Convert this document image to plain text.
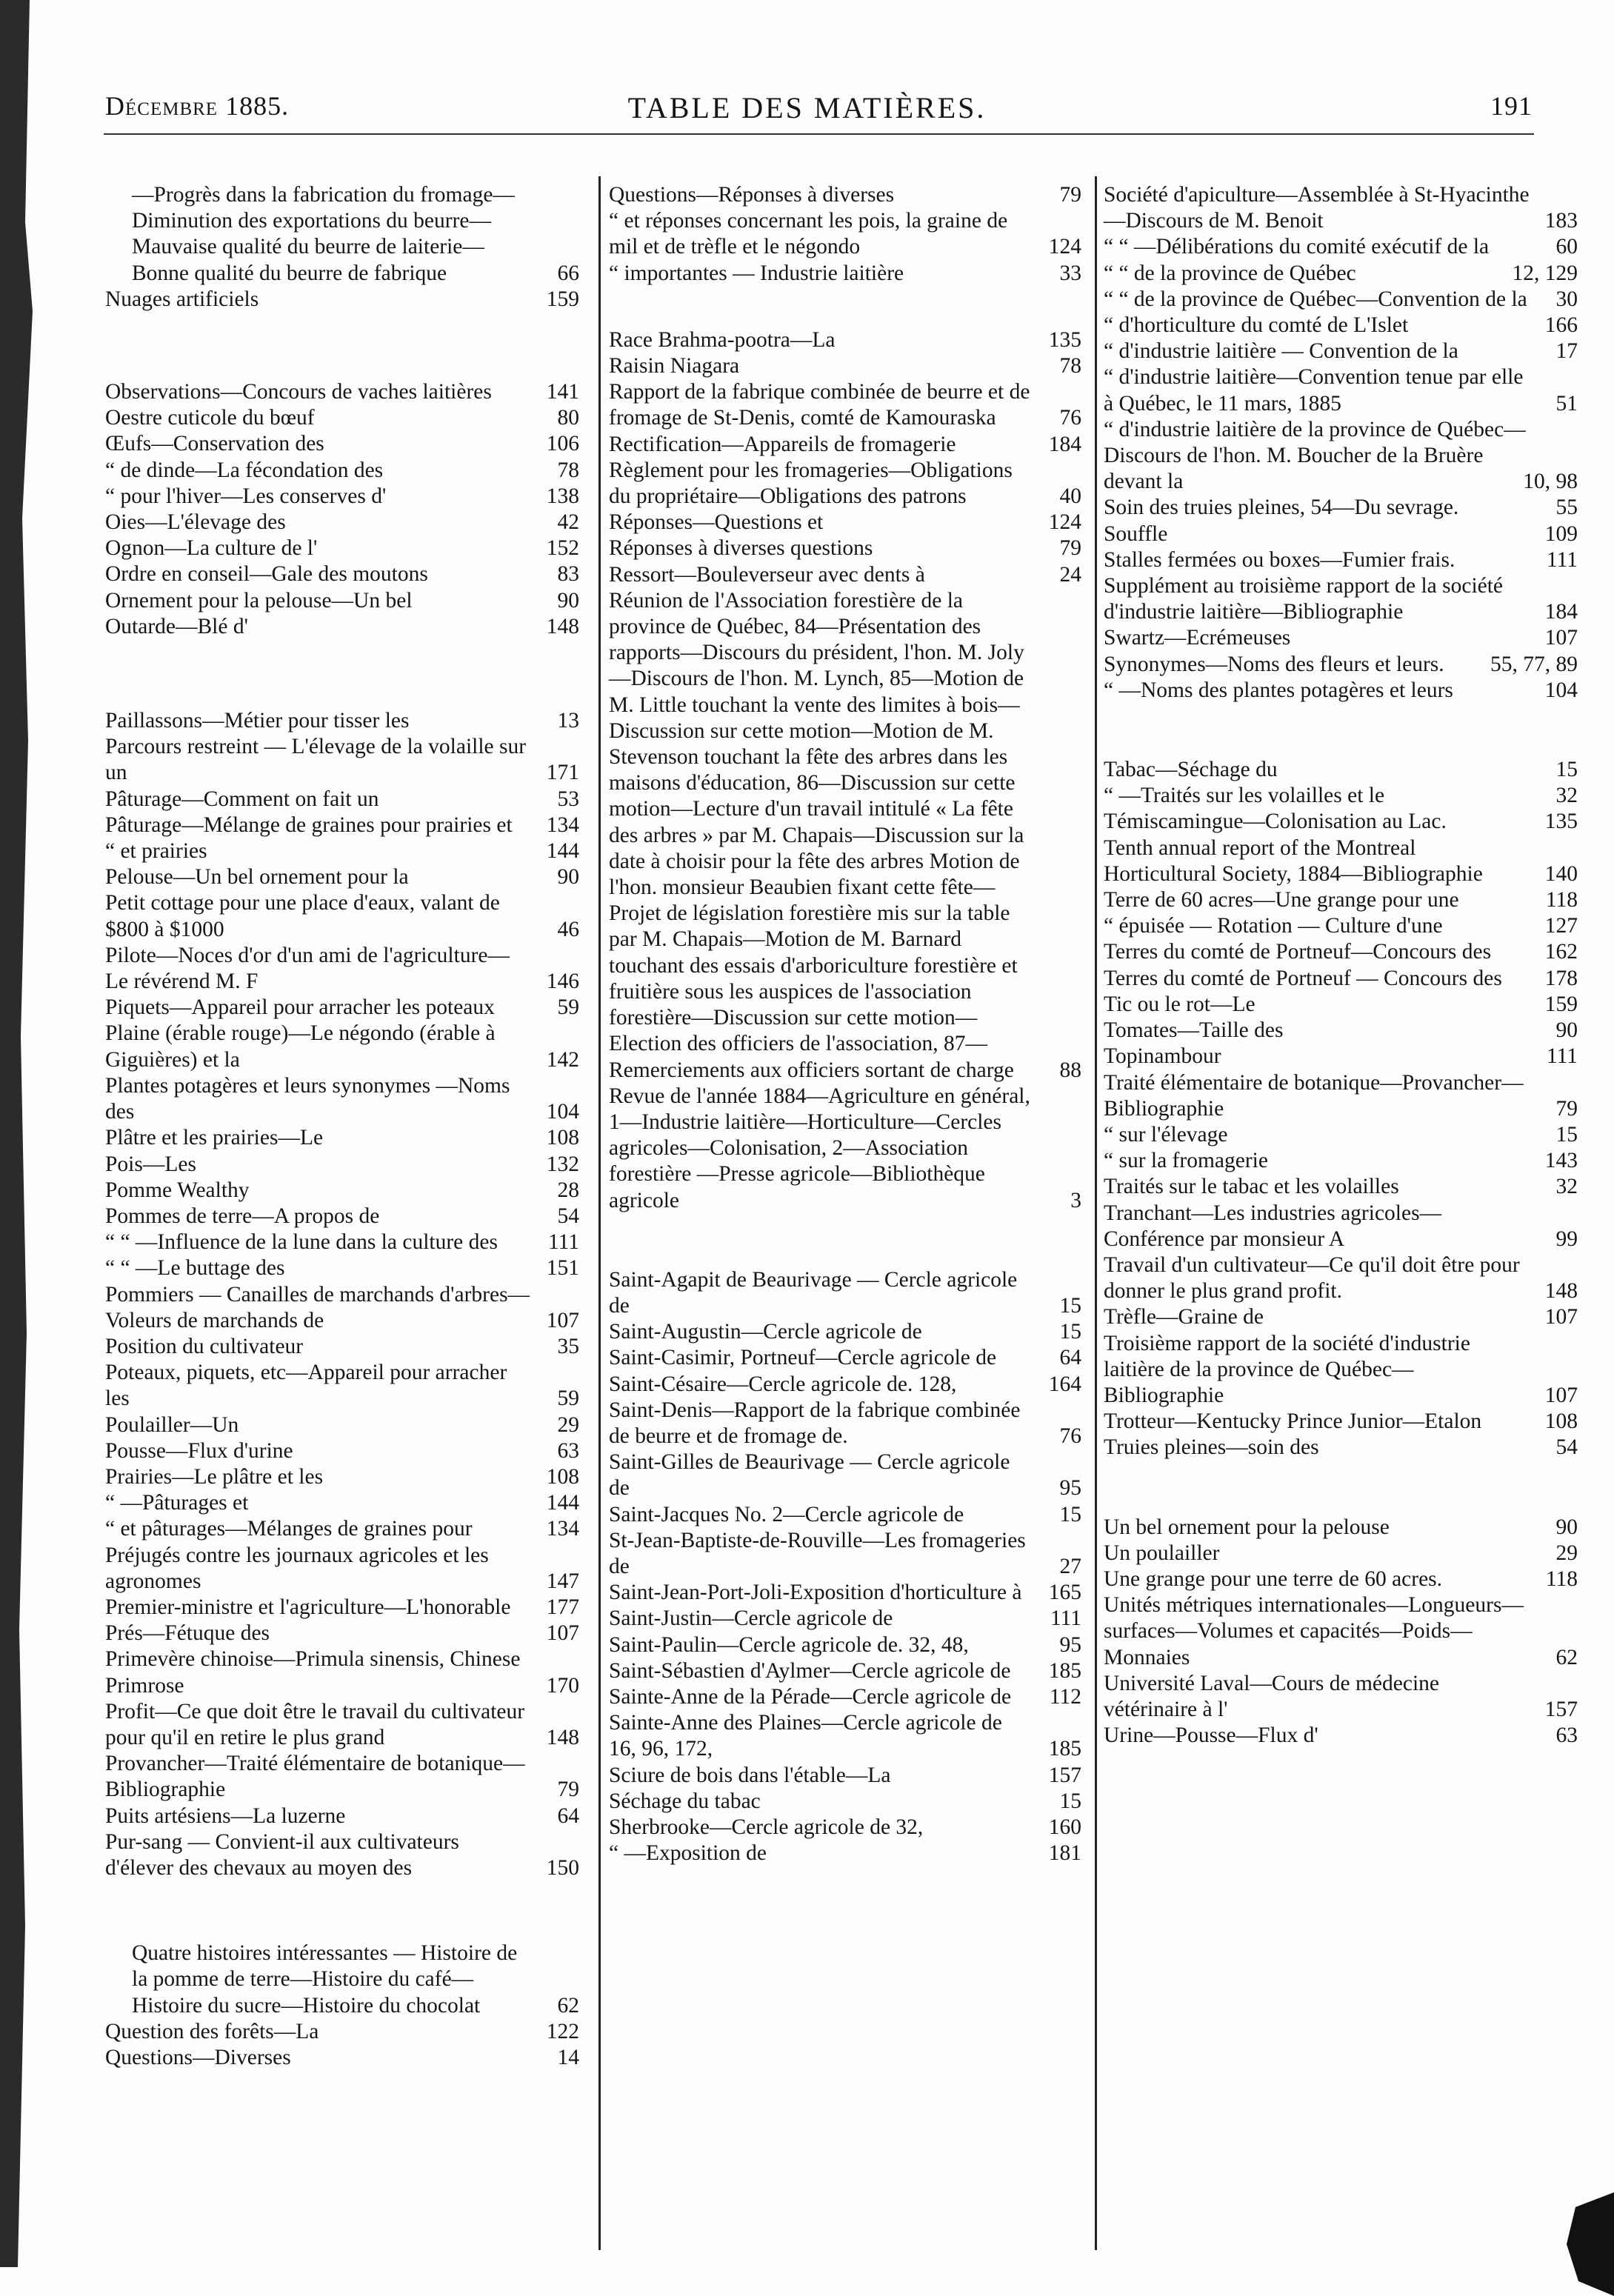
Décembre 1885.	TABLE DES MATIÈRES.	191
—Progrès dans la fabrication du fromage—Diminution des exportations du beurre—Mauvaise qualité du beurre de laiterie—Bonne qualité du beurre de fabrique	66
Nuages artificiels	159
Observations—Concours de vaches laitières	141
Oestre cuticole du bœuf	80
Œufs—Conservation des	106
“ de dinde—La fécondation des	78
“ pour l'hiver—Les conserves d'	138
Oies—L'élevage des	42
Ognon—La culture de l'	152
Ordre en conseil—Gale des moutons	83
Ornement pour la pelouse—Un bel	90
Outarde—Blé d'	148
Paillassons—Métier pour tisser les	13
Parcours restreint — L'élevage de la volaille sur un	171
Pâturage—Comment on fait un	53
Pâturage—Mélange de graines pour prairies et 134
“ et prairies	144
Pelouse—Un bel ornement pour la	90
Petit cottage pour une place d'eaux, valant de $800 à $1000	46
Pilote—Noces d'or d'un ami de l'agriculture—Le révérend M. F	146
Piquets—Appareil pour arracher les poteaux	59
Plaine (érable rouge)—Le négondo (érable à Giguières) et la	142
Plantes potagères et leurs synonymes —Noms des	104
Plâtre et les prairies—Le	108
Pois—Les	132
Pomme Wealthy	28
Pommes de terre—A propos de	54
“ “ —Influence de la lune dans la culture des 111
“ “ —Le buttage des	151
Pommiers — Canailles de marchands d'arbres—Voleurs de marchands de	107
Position du cultivateur	35
Poteaux, piquets, etc—Appareil pour arracher les	59
Poulailler—Un	29
Pousse—Flux d'urine	63
Prairies—Le plâtre et les	108
“ —Pâturages et	144
“ et pâturages—Mélanges de graines pour	134
Préjugés contre les journaux agricoles et les agronomes	147
Premier-ministre et l'agriculture—L'honorable 177
Prés—Fétuque des	107
Primevère chinoise—Primula sinensis, Chinese Primrose	170
Profit—Ce que doit être le travail du cultivateur pour qu'il en retire le plus grand	148
Provancher—Traité élémentaire de botanique—Bibliographie	79
Puits artésiens—La luzerne	64
Pur-sang — Convient-il aux cultivateurs d'élever des chevaux au moyen des	150
Quatre histoires intéressantes — Histoire de la pomme de terre—Histoire du café—Histoire du sucre—Histoire du chocolat	62
Question des forêts—La	122
Questions—Diverses	14
Questions—Réponses à diverses	79
“ et réponses concernant les pois, la graine de mil et de trèfle et le négondo	124
“ importantes — Industrie laitière	33
Race Brahma-pootra—La	135
Raisin Niagara	78
Rapport de la fabrique combinée de beurre et de fromage de St-Denis, comté de Kamouraska	76
Rectification—Appareils de fromagerie	184
Règlement pour les fromageries—Obligations du propriétaire—Obligations des patrons	40
Réponses—Questions et	124
Réponses à diverses questions	79
Ressort—Bouleverseur avec dents à	24
Réunion de l'Association forestière de la province de Québec, 84—Présentation des rapports—Discours du président, l'hon. M. Joly—Discours de l'hon. M. Lynch, 85—Motion de M. Little touchant la vente des limites à bois—Discussion sur cette motion—Motion de M. Stevenson touchant la fête des arbres dans les maisons d'éducation, 86—Discussion sur cette motion—Lecture d'un travail intitulé « La fête des arbres » par M. Chapais—Discussion sur la date à choisir pour la fête des arbres Motion de l'hon. monsieur Beaubien fixant cette fête—Projet de législation forestière mis sur la table par M. Chapais—Motion de M. Barnard touchant des essais d'arboriculture forestière et fruitière sous les auspices de l'association forestière—Discussion sur cette motion—Election des officiers de l'association, 87—Remerciements aux officiers sortant de charge 88
Revue de l'année 1884—Agriculture en général, 1—Industrie laitière—Horticulture—Cercles agricoles—Colonisation, 2—Association forestière —Presse agricole—Bibliothèque agricole	3
Saint-Agapit de Beaurivage — Cercle agricole de	15
Saint-Augustin—Cercle agricole de	15
Saint-Casimir, Portneuf—Cercle agricole de	64
Saint-Césaire—Cercle agricole de. 128,	164
Saint-Denis—Rapport de la fabrique combinée de beurre et de fromage de.	76
Saint-Gilles de Beaurivage — Cercle agricole de	95
Saint-Jacques No. 2—Cercle agricole de	15
St-Jean-Baptiste-de-Rouville—Les fromageries de	27
Saint-Jean-Port-Joli-Exposition d'horticulture à 165
Saint-Justin—Cercle agricole de	111
Saint-Paulin—Cercle agricole de. 32, 48,	95
Saint-Sébastien d'Aylmer—Cercle agricole de 185
Sainte-Anne de la Pérade—Cercle agricole de 112
Sainte-Anne des Plaines—Cercle agricole de 16, 96, 172,	185
Sciure de bois dans l'étable—La	157
Séchage du tabac	15
Sherbrooke—Cercle agricole de 32,	160
“ —Exposition de	181
Société d'apiculture—Assemblée à St-Hyacinthe—Discours de M. Benoit	183
“ “ —Délibérations du comité exécutif de la	60
“ “ de la province de Québec	12, 129
“ “ de la province de Québec—Convention de la 30
“ d'horticulture du comté de L'Islet	166
“ d'industrie laitière — Convention de la	17
“ d'industrie laitière—Convention tenue par elle à Québec, le 11 mars, 1885	51
“ d'industrie laitière de la province de Québec—Discours de l'hon. M. Boucher de la Bruère devant la	10, 98
Soin des truies pleines, 54—Du sevrage.	55
Souffle	109
Stalles fermées ou boxes—Fumier frais.	111
Supplément au troisième rapport de la société d'industrie laitière—Bibliographie	184
Swartz—Ecrémeuses	107
Synonymes—Noms des fleurs et leurs.	55, 77, 89
“ —Noms des plantes potagères et leurs	104
Tabac—Séchage du	15
“ —Traités sur les volailles et le	32
Témiscamingue—Colonisation au Lac.	135
Tenth annual report of the Montreal Horticultural Society, 1884—Bibliographie	140
Terre de 60 acres—Une grange pour une	118
“ épuisée — Rotation — Culture d'une	127
Terres du comté de Portneuf—Concours des 162
Terres du comté de Portneuf — Concours des 178
Tic ou le rot—Le	159
Tomates—Taille des	90
Topinambour	111
Traité élémentaire de botanique—Provancher—Bibliographie	79
“ sur l'élevage	15
“ sur la fromagerie	143
Traités sur le tabac et les volailles	32
Tranchant—Les industries agricoles—Conférence par monsieur A	99
Travail d'un cultivateur—Ce qu'il doit être pour donner le plus grand profit.	148
Trèfle—Graine de	107
Troisième rapport de la société d'industrie laitière de la province de Québec—Bibliographie	107
Trotteur—Kentucky Prince Junior—Etalon	108
Truies pleines—soin des	54
Un bel ornement pour la pelouse	90
Un poulailler	29
Une grange pour une terre de 60 acres.	118
Unités métriques internationales—Longueurs—surfaces—Volumes et capacités—Poids—Monnaies	62
Université Laval—Cours de médecine vétérinaire à l'	157
Urine—Pousse—Flux d'	63
